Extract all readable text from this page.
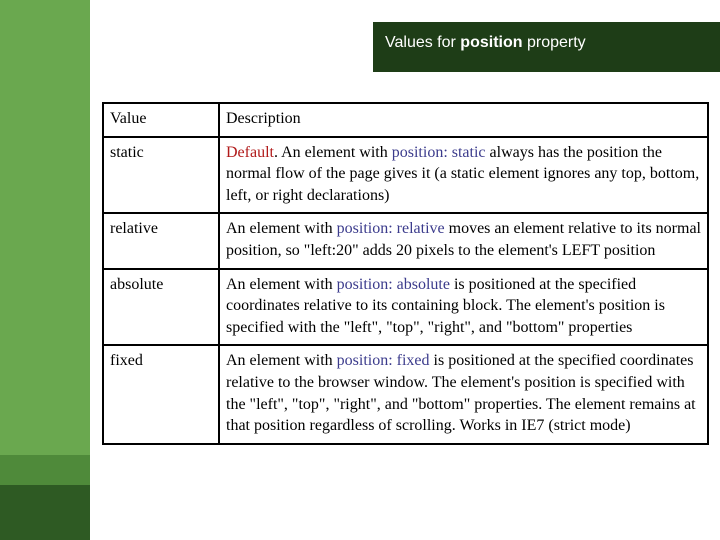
Values for position property
Value	Description
static	Default. An element with position: static always has the position the normal flow of the page gives it (a static element ignores any top, bottom, left, or right declarations)
relative	An element with position: relative moves an element relative to its normal position, so "left:20" adds 20 pixels to the element's LEFT position
absolute	An element with position: absolute is positioned at the specified coordinates relative to its containing block. The element's position is specified with the "left", "top", "right", and "bottom" properties
fixed	An element with position: fixed is positioned at the specified coordinates relative to the browser window. The element's position is specified with the "left", "top", "right", and "bottom" properties. The element remains at that position regardless of scrolling. Works in IE7 (strict mode)
